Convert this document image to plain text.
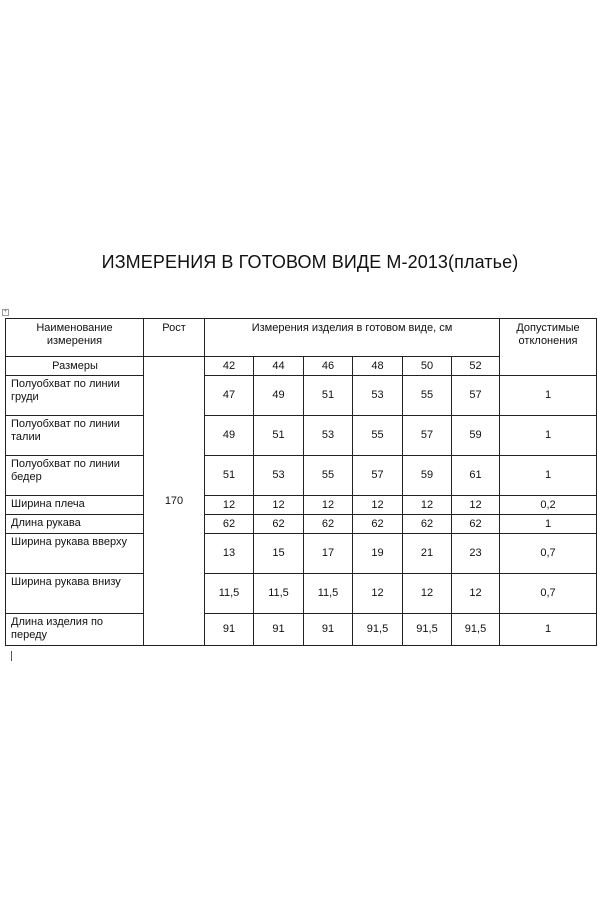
ИЗМЕРЕНИЯ В ГОТОВОМ ВИДЕ М-2013(платье)
+
Наименование измерения	Рост	Измерения изделия в готовом виде, см						Допустимые отклонения
Размеры	170	42	44	46	48	50	52	
Полуобхват по линии груди		47	49	51	53	55	57	1
Полуобхват по линии талии		49	51	53	55	57	59	1
Полуобхват по линии бедер		51	53	55	57	59	61	1
Ширина плеча		12	12	12	12	12	12	0,2
Длина рукава		62	62	62	62	62	62	1
Ширина рукава вверху		13	15	17	19	21	23	0,7
Ширина рукава внизу		11,5	11,5	11,5	12	12	12	0,7
Длина изделия по переду		91	91	91	91,5	91,5	91,5	1
